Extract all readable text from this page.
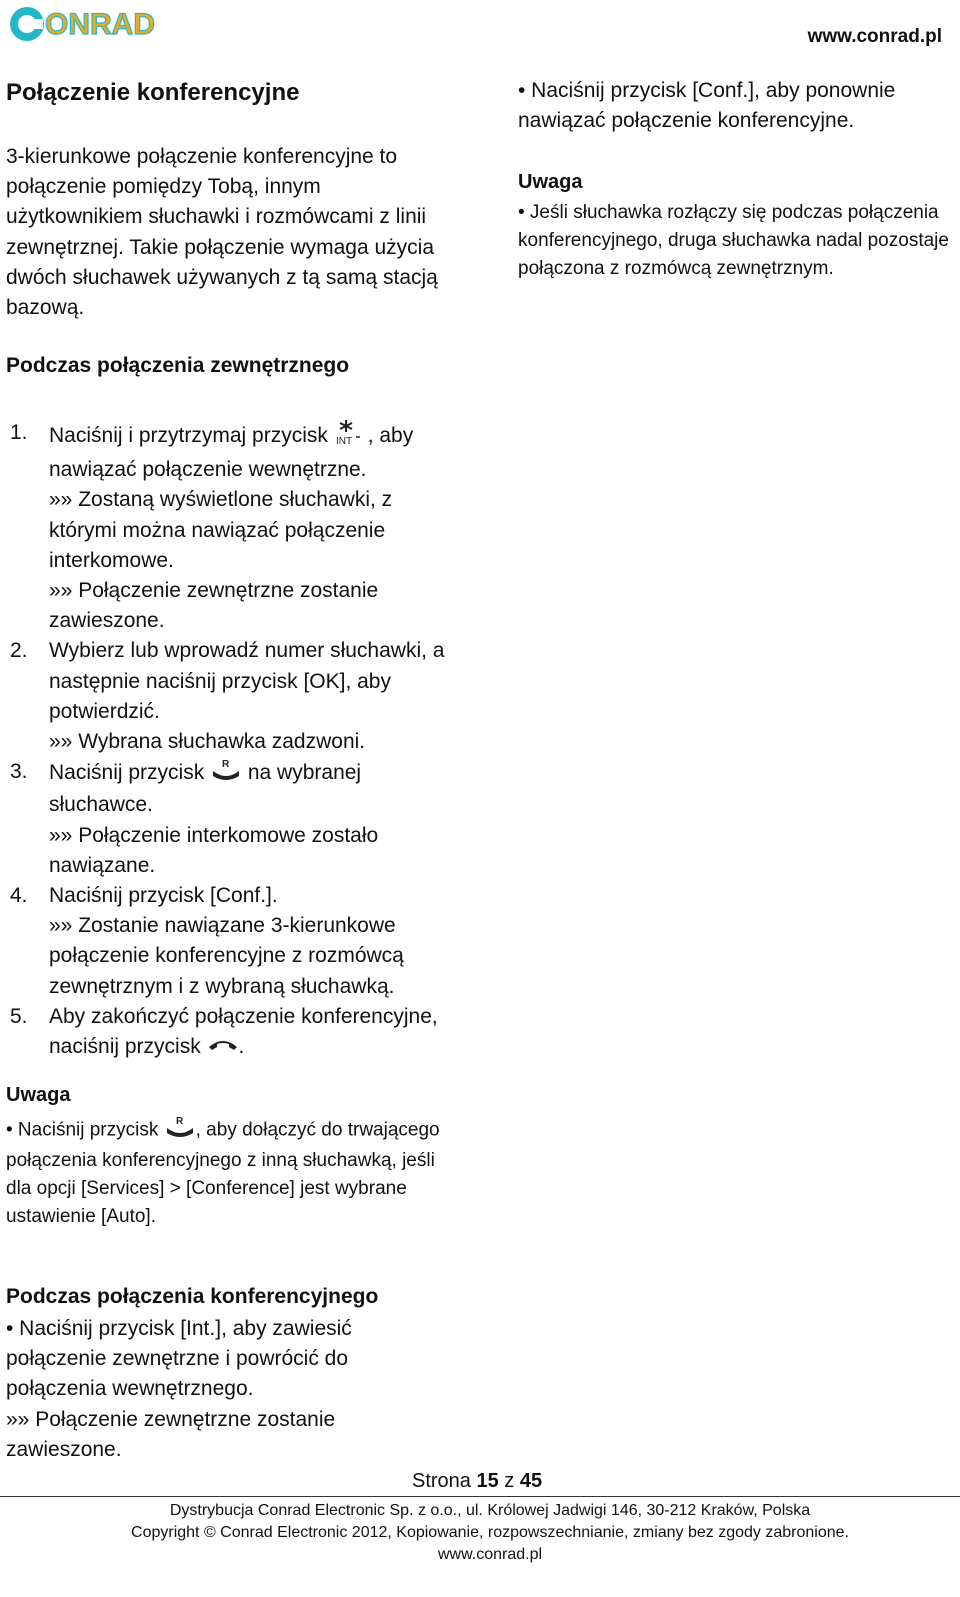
ONRAD	www.conrad.pl
Połączenie konferencyjne
3-kierunkowe połączenie konferencyjne to połączenie pomiędzy Tobą, innym użytkownikiem słuchawki i rozmówcami z linii zewnętrznej. Takie połączenie wymaga użycia dwóch słuchawek używanych z tą samą stacją bazową.
• Naciśnij przycisk [Conf.], aby ponownie nawiązać połączenie konferencyjne.
Uwaga
• Jeśli słuchawka rozłączy się podczas połączenia konferencyjnego, druga słuchawka nadal pozostaje połączona z rozmówcą zewnętrznym.
Podczas połączenia zewnętrznego
1. Naciśnij i przytrzymaj przycisk INT , aby nawiązać połączenie wewnętrzne.
»» Zostaną wyświetlone słuchawki, z którymi można nawiązać połączenie interkomowe.
»» Połączenie zewnętrzne zostanie zawieszone.
2. Wybierz lub wprowadź numer słuchawki, a następnie naciśnij przycisk [OK], aby potwierdzić.
»» Wybrana słuchawka zadzwoni.
3. Naciśnij przycisk R na wybranej słuchawce.
»» Połączenie interkomowe zostało nawiązane.
4. Naciśnij przycisk [Conf.].
»» Zostanie nawiązane 3-kierunkowe połączenie konferencyjne z rozmówcą zewnętrznym i z wybraną słuchawką.
5. Aby zakończyć połączenie konferencyjne, naciśnij przycisk .
Uwaga
• Naciśnij przycisk R , aby dołączyć do trwającego połączenia konferencyjnego z inną słuchawką, jeśli dla opcji [Services] > [Conference] jest wybrane ustawienie [Auto].
Podczas połączenia konferencyjnego
• Naciśnij przycisk [Int.], aby zawiesić połączenie zewnętrzne i powrócić do połączenia wewnętrznego.
»» Połączenie zewnętrzne zostanie zawieszone.
Strona 15 z 45
Dystrybucja Conrad Electronic Sp. z o.o., ul. Królowej Jadwigi 146, 30-212 Kraków, Polska
Copyright © Conrad Electronic 2012, Kopiowanie, rozpowszechnianie, zmiany bez zgody zabronione.
www.conrad.pl
